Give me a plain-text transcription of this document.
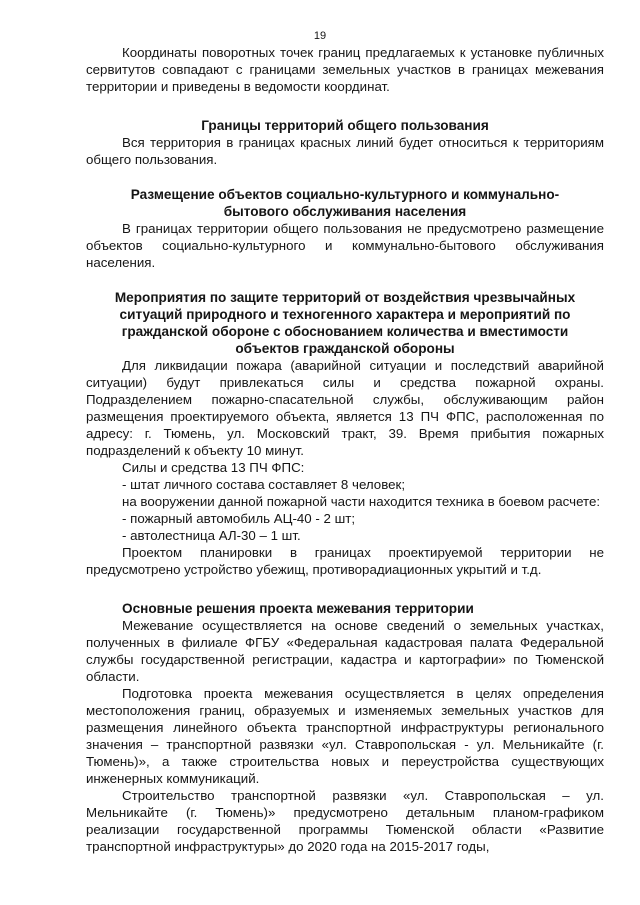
19

Координаты поворотных точек границ предлагаемых к установке публичных сервитутов совпадают с границами земельных участков в границах межевания территории и приведены в ведомости координат.

Границы территорий общего пользования

Вся территория в границах красных линий будет относиться к территориям общего пользования.

Размещение объектов социально-культурного и коммунально-бытового обслуживания населения

В границах территории общего пользования не предусмотрено размещение объектов социально-культурного и коммунально-бытового обслуживания населения.

Мероприятия по защите территорий от воздействия чрезвычайных ситуаций природного и техногенного характера и мероприятий по гражданской обороне с обоснованием количества и вместимости объектов гражданской обороны

Для ликвидации пожара (аварийной ситуации и последствий аварийной ситуации) будут привлекаться силы и средства пожарной охраны. Подразделением пожарно-спасательной службы, обслуживающим район размещения проектируемого объекта, является 13 ПЧ ФПС, расположенная по адресу: г. Тюмень, ул. Московский тракт, 39. Время прибытия пожарных подразделений к объекту 10 минут.

Силы и средства 13 ПЧ ФПС:

- штат личного состава составляет 8 человек;

на вооружении данной пожарной части находится техника в боевом расчете:

- пожарный автомобиль АЦ-40 - 2 шт;

- автолестница АЛ-30 – 1 шт.

Проектом планировки в границах проектируемой территории не предусмотрено устройство убежищ, противорадиационных укрытий и т.д.

Основные решения проекта межевания территории

Межевание осуществляется на основе сведений о земельных участках, полученных в филиале ФГБУ «Федеральная кадастровая палата Федеральной службы государственной регистрации, кадастра и картографии» по Тюменской области.

Подготовка проекта межевания осуществляется в целях определения местоположения границ, образуемых и изменяемых земельных участков для размещения линейного объекта транспортной инфраструктуры регионального значения – транспортной развязки «ул. Ставропольская - ул. Мельникайте (г. Тюмень)», а также строительства новых и переустройства существующих инженерных коммуникаций.

Строительство транспортной развязки «ул. Ставропольская – ул. Мельникайте (г. Тюмень)» предусмотрено детальным планом-графиком реализации государственной программы Тюменской области «Развитие транспортной инфраструктуры» до 2020 года на 2015-2017 годы,
